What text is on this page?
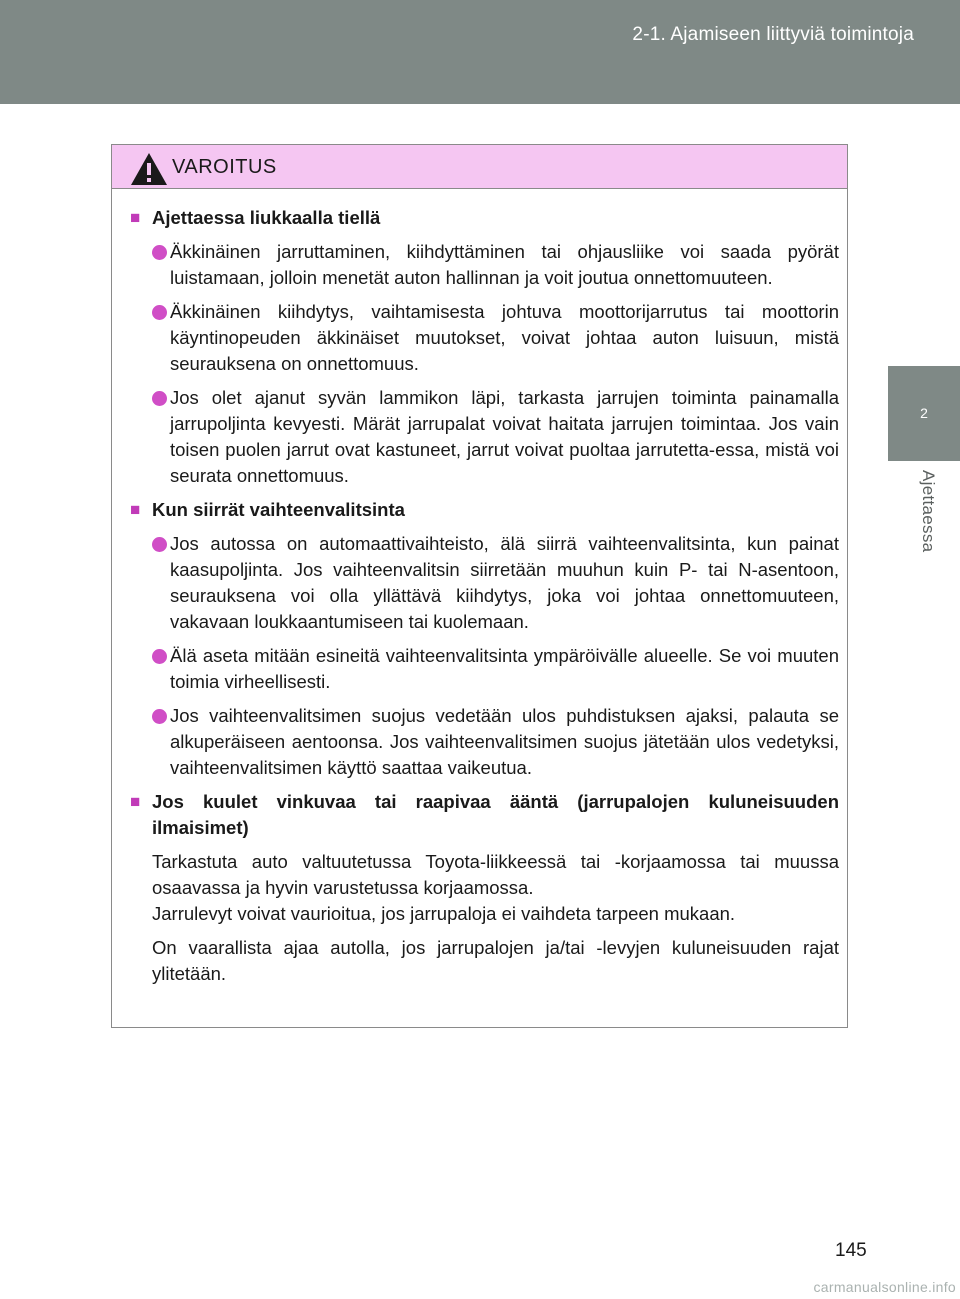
2-1. Ajamiseen liittyviä toimintoja
2
Ajettaessa
VAROITUS
■ Ajettaessa liukkaalla tiellä
Äkkinäinen jarruttaminen, kiihdyttäminen tai ohjausliike voi saada pyörät luistamaan, jolloin menetät auton hallinnan ja voit joutua onnettomuuteen.
Äkkinäinen kiihdytys, vaihtamisesta johtuva moottorijarrutus tai moottorin käyntinopeuden äkkinäiset muutokset, voivat johtaa auton luisuun, mistä seurauksena on onnettomuus.
Jos olet ajanut syvän lammikon läpi, tarkasta jarrujen toiminta painamalla jarrupoljinta kevyesti. Märät jarrupalat voivat haitata jarrujen toimintaa. Jos vain toisen puolen jarrut ovat kastuneet, jarrut voivat puoltaa jarrutetta-essa, mistä voi seurata onnettomuus.
■ Kun siirrät vaihteenvalitsinta
Jos autossa on automaattivaihteisto, älä siirrä vaihteenvalitsinta, kun painat kaasupoljinta. Jos vaihteenvalitsin siirretään muuhun kuin P- tai N-asentoon, seurauksena voi olla yllättävä kiihdytys, joka voi johtaa onnettomuuteen, vakavaan loukkaantumiseen tai kuolemaan.
Älä aseta mitään esineitä vaihteenvalitsinta ympäröivälle alueelle. Se voi muuten toimia virheellisesti.
Jos vaihteenvalitsimen suojus vedetään ulos puhdistuksen ajaksi, palauta se alkuperäiseen aentoonsa. Jos vaihteenvalitsimen suojus jätetään ulos vedetyksi, vaihteenvalitsimen käyttö saattaa vaikeutua.
■ Jos kuulet vinkuvaa tai raapivaa ääntä (jarrupalojen kuluneisuuden ilmaisimet)
Tarkastuta auto valtuutetussa Toyota-liikkeessä tai -korjaamossa tai muussa osaavassa ja hyvin varustetussa korjaamossa.
Jarrulevyt voivat vaurioitua, jos jarrupaloja ei vaihdeta tarpeen mukaan.
On vaarallista ajaa autolla, jos jarrupalojen ja/tai -levyjen kuluneisuuden rajat ylitetään.
145
carmanualsonline.info
